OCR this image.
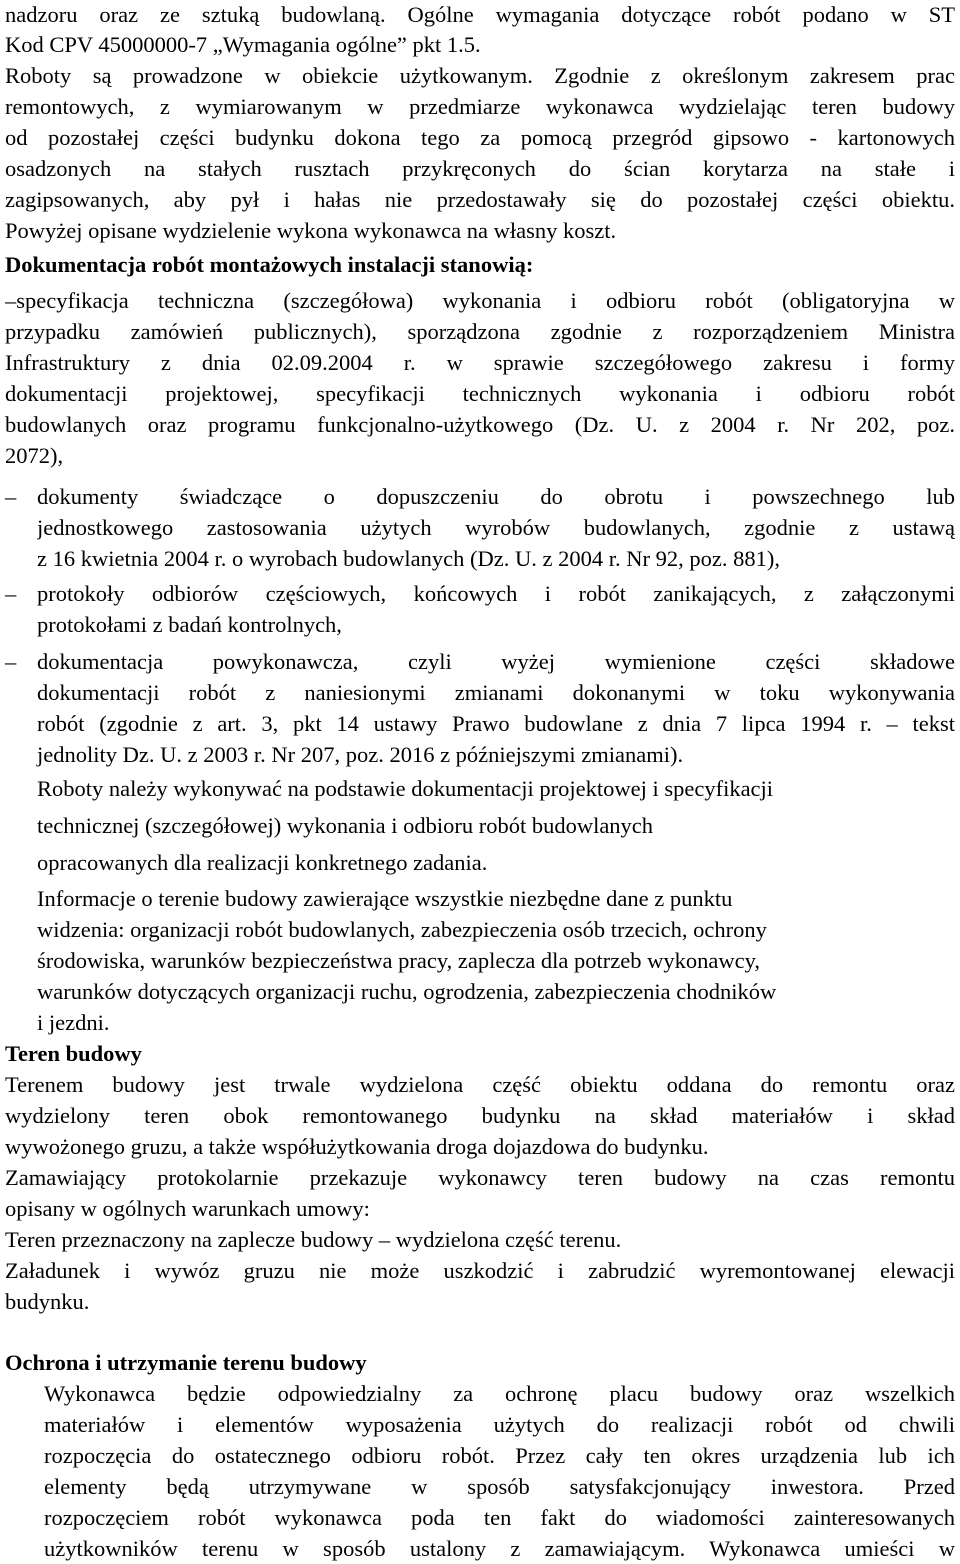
nadzoru oraz ze sztuką budowlaną. Ogólne wymagania dotyczące robót podano w ST
Kod CPV 45000000-7 „Wymagania ogólne” pkt 1.5.
Roboty są prowadzone w obiekcie użytkowanym. Zgodnie z określonym zakresem prac
remontowych, z wymiarowanym w przedmiarze wykonawca wydzielając teren budowy
od pozostałej części budynku dokona tego za pomocą przegród gipsowo - kartonowych
osadzonych na stałych rusztach przykręconych do ścian korytarza na stałe i
zagipsowanych, aby pył i hałas nie przedostawały się do pozostałej części obiektu.
Powyżej opisane wydzielenie wykona wykonawca na własny koszt.
Dokumentacja robót montażowych instalacji stanowią:
–specyfikacja techniczna (szczegółowa) wykonania i odbioru robót (obligatoryjna w
przypadku zamówień publicznych), sporządzona zgodnie z rozporządzeniem Ministra
Infrastruktury z dnia 02.09.2004 r. w sprawie szczegółowego zakresu i formy
dokumentacji projektowej, specyfikacji technicznych wykonania i odbioru robót
budowlanych oraz programu funkcjonalno-użytkowego (Dz. U. z 2004 r. Nr 202, poz.
2072),
– dokumenty świadczące o dopuszczeniu do obrotu i powszechnego lub
jednostkowego zastosowania użytych wyrobów budowlanych, zgodnie z ustawą
z 16 kwietnia 2004 r. o wyrobach budowlanych (Dz. U. z 2004 r. Nr 92, poz. 881),
– protokoły odbiorów częściowych, końcowych i robót zanikających, z załączonymi
protokołami z badań kontrolnych,
– dokumentacja powykonawcza, czyli wyżej wymienione części składowe
dokumentacji robót z naniesionymi zmianami dokonanymi w toku wykonywania
robót (zgodnie z art. 3, pkt 14 ustawy Prawo budowlane z dnia 7 lipca 1994 r. – tekst
jednolity Dz. U. z 2003 r. Nr 207, poz. 2016 z późniejszymi zmianami).
Roboty należy wykonywać na podstawie dokumentacji projektowej i specyfikacji
technicznej (szczegółowej) wykonania i odbioru robót budowlanych
opracowanych dla realizacji konkretnego zadania.
Informacje o terenie budowy zawierające wszystkie niezbędne dane z punktu
widzenia: organizacji robót budowlanych, zabezpieczenia osób trzecich, ochrony
środowiska, warunków bezpieczeństwa pracy, zaplecza dla potrzeb wykonawcy,
warunków dotyczących organizacji ruchu, ogrodzenia, zabezpieczenia chodników
i jezdni.
Teren budowy
Terenem budowy jest trwale wydzielona część obiektu oddana do remontu oraz
wydzielony teren obok remontowanego budynku na skład materiałów i skład
wywożonego gruzu, a także współużytkowania droga dojazdowa do budynku.
Zamawiający protokolarnie przekazuje wykonawcy teren budowy na czas remontu
opisany w ogólnych warunkach umowy:
Teren przeznaczony na zaplecze budowy – wydzielona część terenu.
Załadunek i wywóz gruzu nie może uszkodzić i zabrudzić wyremontowanej elewacji
budynku.
Ochrona i utrzymanie terenu budowy
Wykonawca będzie odpowiedzialny za ochronę placu budowy oraz wszelkich
materiałów i elementów wyposażenia użytych do realizacji robót od chwili
rozpoczęcia do ostatecznego odbioru robót. Przez cały ten okres urządzenia lub ich
elementy będą utrzymywane w sposób satysfakcjonujący inwestora. Przed
rozpoczęciem robót wykonawca poda ten fakt do wiadomości zainteresowanych
użytkowników terenu w sposób ustalony z zamawiającym. Wykonawca umieści w
